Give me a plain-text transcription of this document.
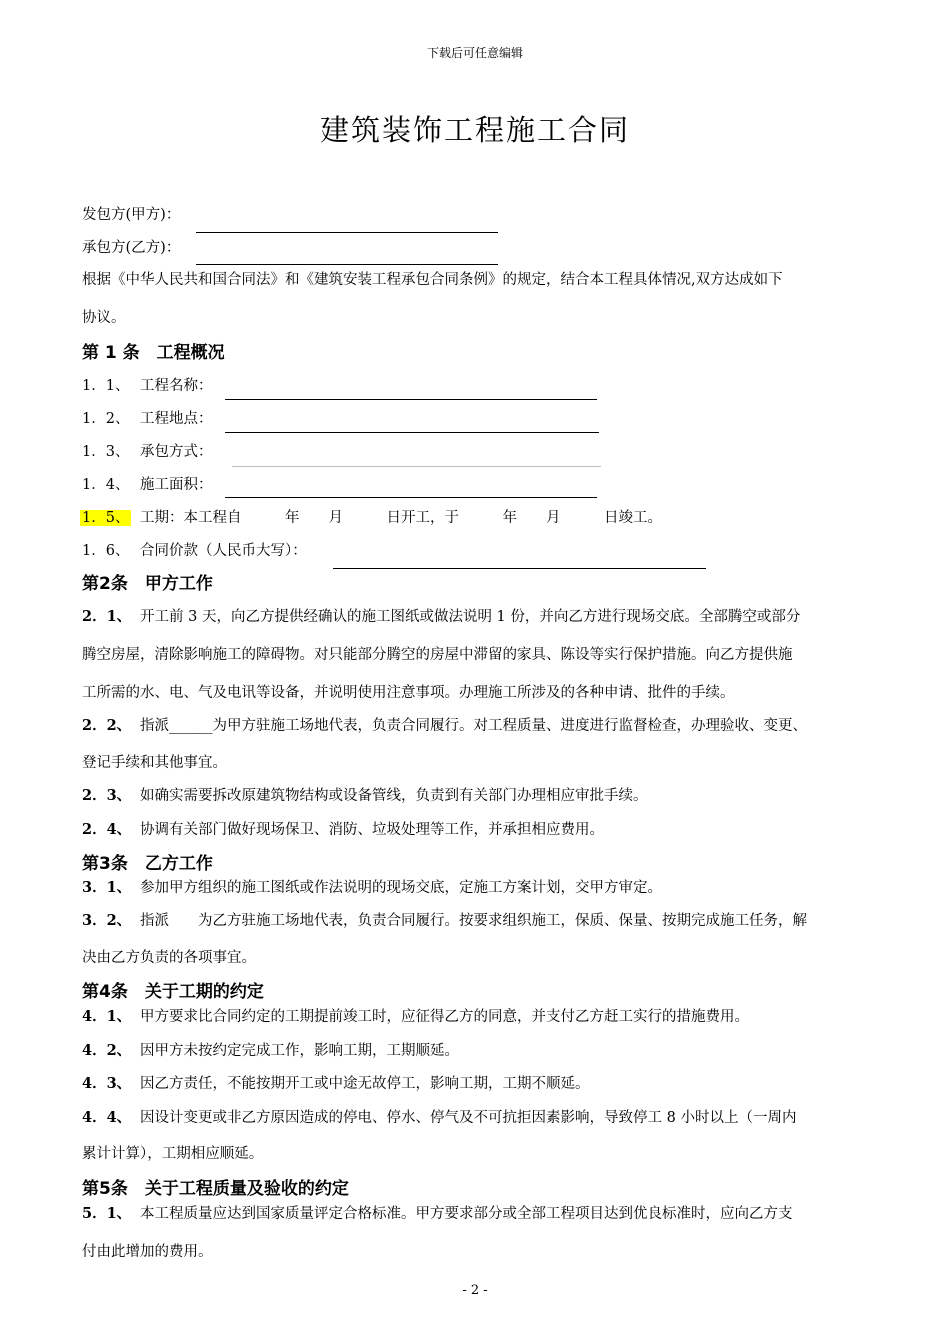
下载后可任意编辑
建筑装饰工程施工合同
发包方(甲方)：
承包方(乙方)：
根据《中华人民共和国合同法》和《建筑安装工程承包合同条例》的规定，结合本工程具体情况,双方达成如下
协议。
第 1 条　工程概况
1．1、 工程名称：
1．2、 工程地点：
1．3、 承包方式：
1．4、 施工面积：
1．5、 工期：本工程自　　　年　　月　　　日开工，于　　　年　　月　　　日竣工。
1．6、 合同价款（人民币大写）：
第2条　甲方工作
2．1、 开工前 3 天，向乙方提供经确认的施工图纸或做法说明 1 份，并向乙方进行现场交底。全部腾空或部分
腾空房屋，清除影响施工的障碍物。对只能部分腾空的房屋中滞留的家具、陈设等实行保护措施。向乙方提供施
工所需的水、电、气及电讯等设备，并说明使用注意事项。办理施工所涉及的各种申请、批件的手续。
2．2、 指派______为甲方驻施工场地代表，负责合同履行。对工程质量、进度进行监督检查，办理验收、变更、
登记手续和其他事宜。
2．3、 如确实需要拆改原建筑物结构或设备管线，负责到有关部门办理相应审批手续。
2．4、 协调有关部门做好现场保卫、消防、垃圾处理等工作，并承担相应费用。
第3条　乙方工作
3．1、 参加甲方组织的施工图纸或作法说明的现场交底，定施工方案计划，交甲方审定。
3．2、 指派　　为乙方驻施工场地代表，负责合同履行。按要求组织施工，保质、保量、按期完成施工任务，解
决由乙方负责的各项事宜。
第4条　关于工期的约定
4．1、 甲方要求比合同约定的工期提前竣工时，应征得乙方的同意，并支付乙方赶工实行的措施费用。
4．2、 因甲方未按约定完成工作，影响工期，工期顺延。
4．3、 因乙方责任，不能按期开工或中途无故停工，影响工期，工期不顺延。
4．4、 因设计变更或非乙方原因造成的停电、停水、停气及不可抗拒因素影响，导致停工 8 小时以上（一周内
累计计算），工期相应顺延。
第5条　关于工程质量及验收的约定
5．1、 本工程质量应达到国家质量评定合格标准。甲方要求部分或全部工程项目达到优良标准时，应向乙方支
付由此增加的费用。
- 2 -
